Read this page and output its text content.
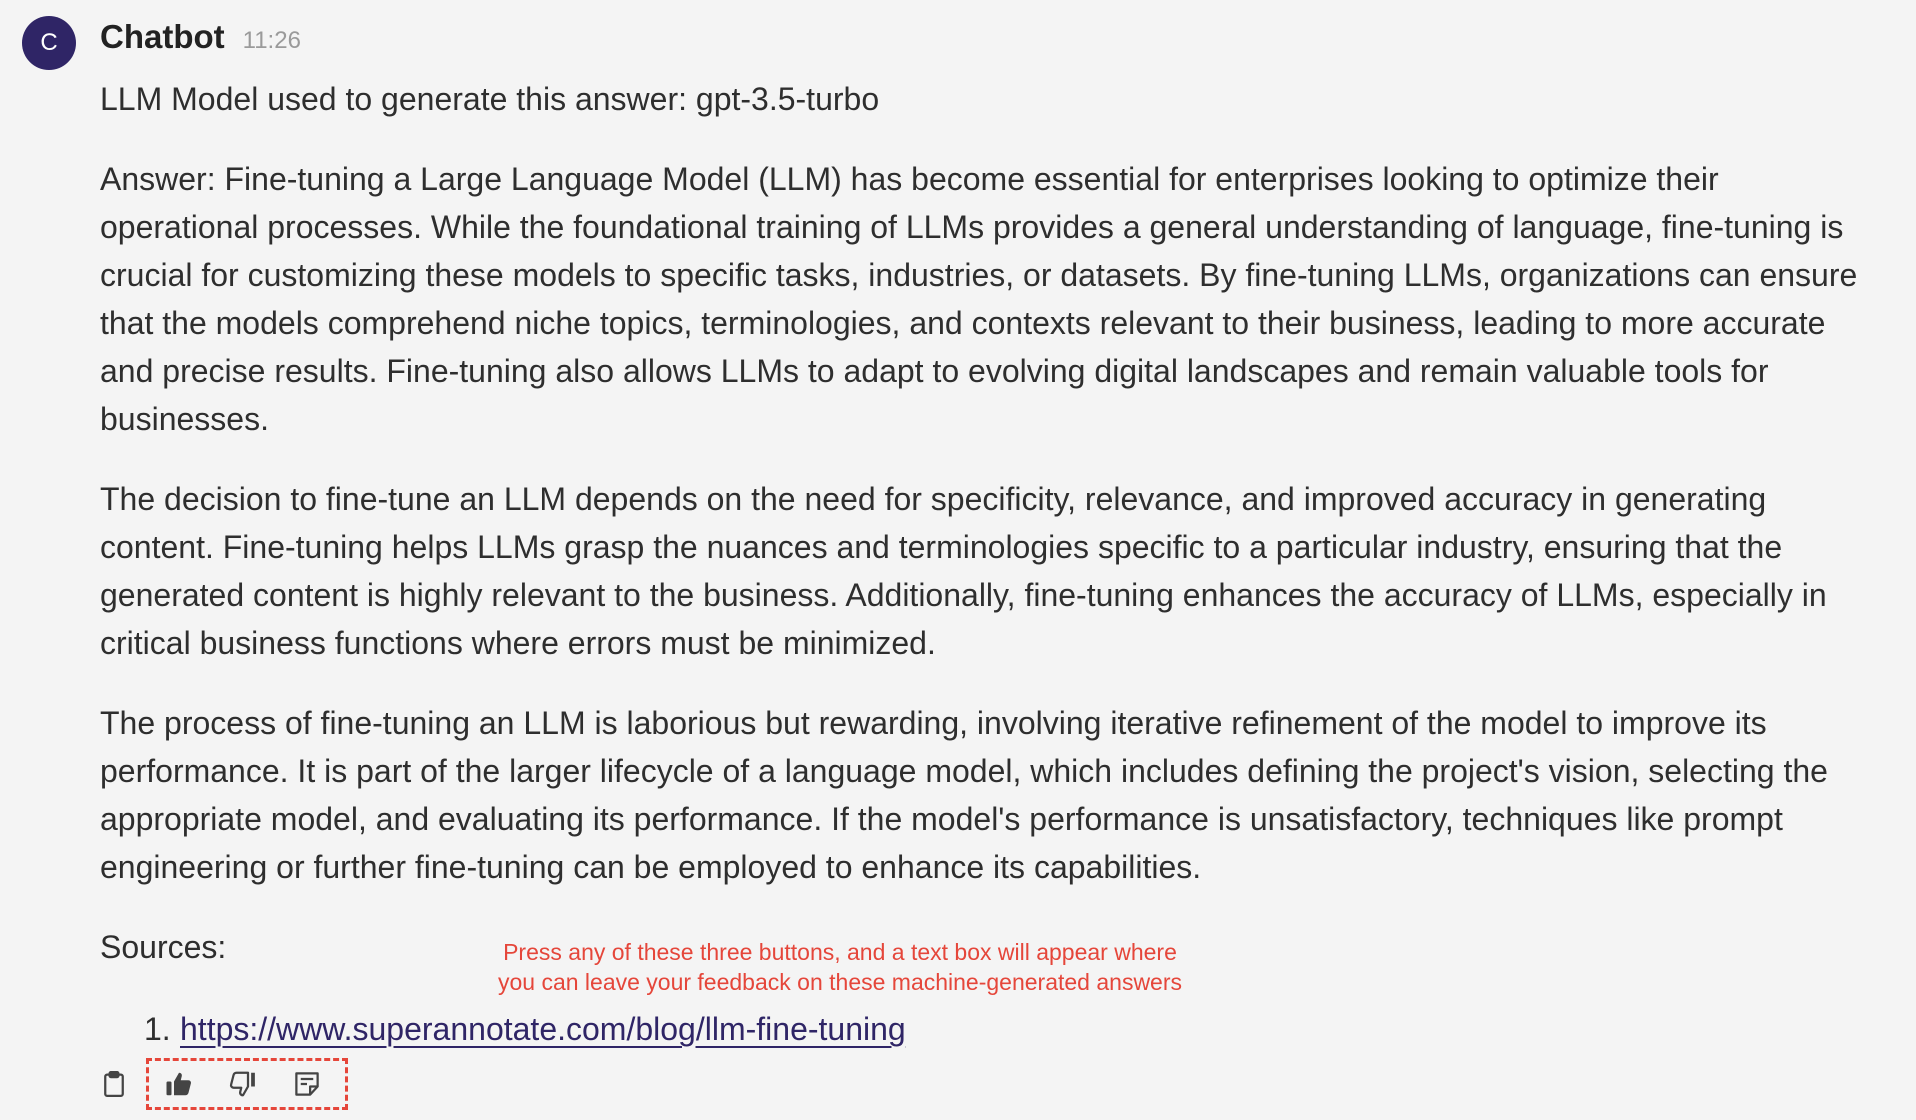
C	Chatbot 11:26

LLM Model used to generate this answer: gpt-3.5-turbo

Answer: Fine-tuning a Large Language Model (LLM) has become essential for enterprises looking to optimize their operational processes. While the foundational training of LLMs provides a general understanding of language, fine-tuning is crucial for customizing these models to specific tasks, industries, or datasets. By fine-tuning LLMs, organizations can ensure that the models comprehend niche topics, terminologies, and contexts relevant to their business, leading to more accurate and precise results. Fine-tuning also allows LLMs to adapt to evolving digital landscapes and remain valuable tools for businesses.

The decision to fine-tune an LLM depends on the need for specificity, relevance, and improved accuracy in generating content. Fine-tuning helps LLMs grasp the nuances and terminologies specific to a particular industry, ensuring that the generated content is highly relevant to the business. Additionally, fine-tuning enhances the accuracy of LLMs, especially in critical business functions where errors must be minimized.

The process of fine-tuning an LLM is laborious but rewarding, involving iterative refinement of the model to improve its performance. It is part of the larger lifecycle of a language model, which includes defining the project's vision, selecting the appropriate model, and evaluating its performance. If the model's performance is unsatisfactory, techniques like prompt engineering or further fine-tuning can be employed to enhance its capabilities.

Sources:	Press any of these three buttons, and a text box will appear where
you can leave your feedback on these machine-generated answers
1. https://www.superannotate.com/blog/llm-fine-tuning
